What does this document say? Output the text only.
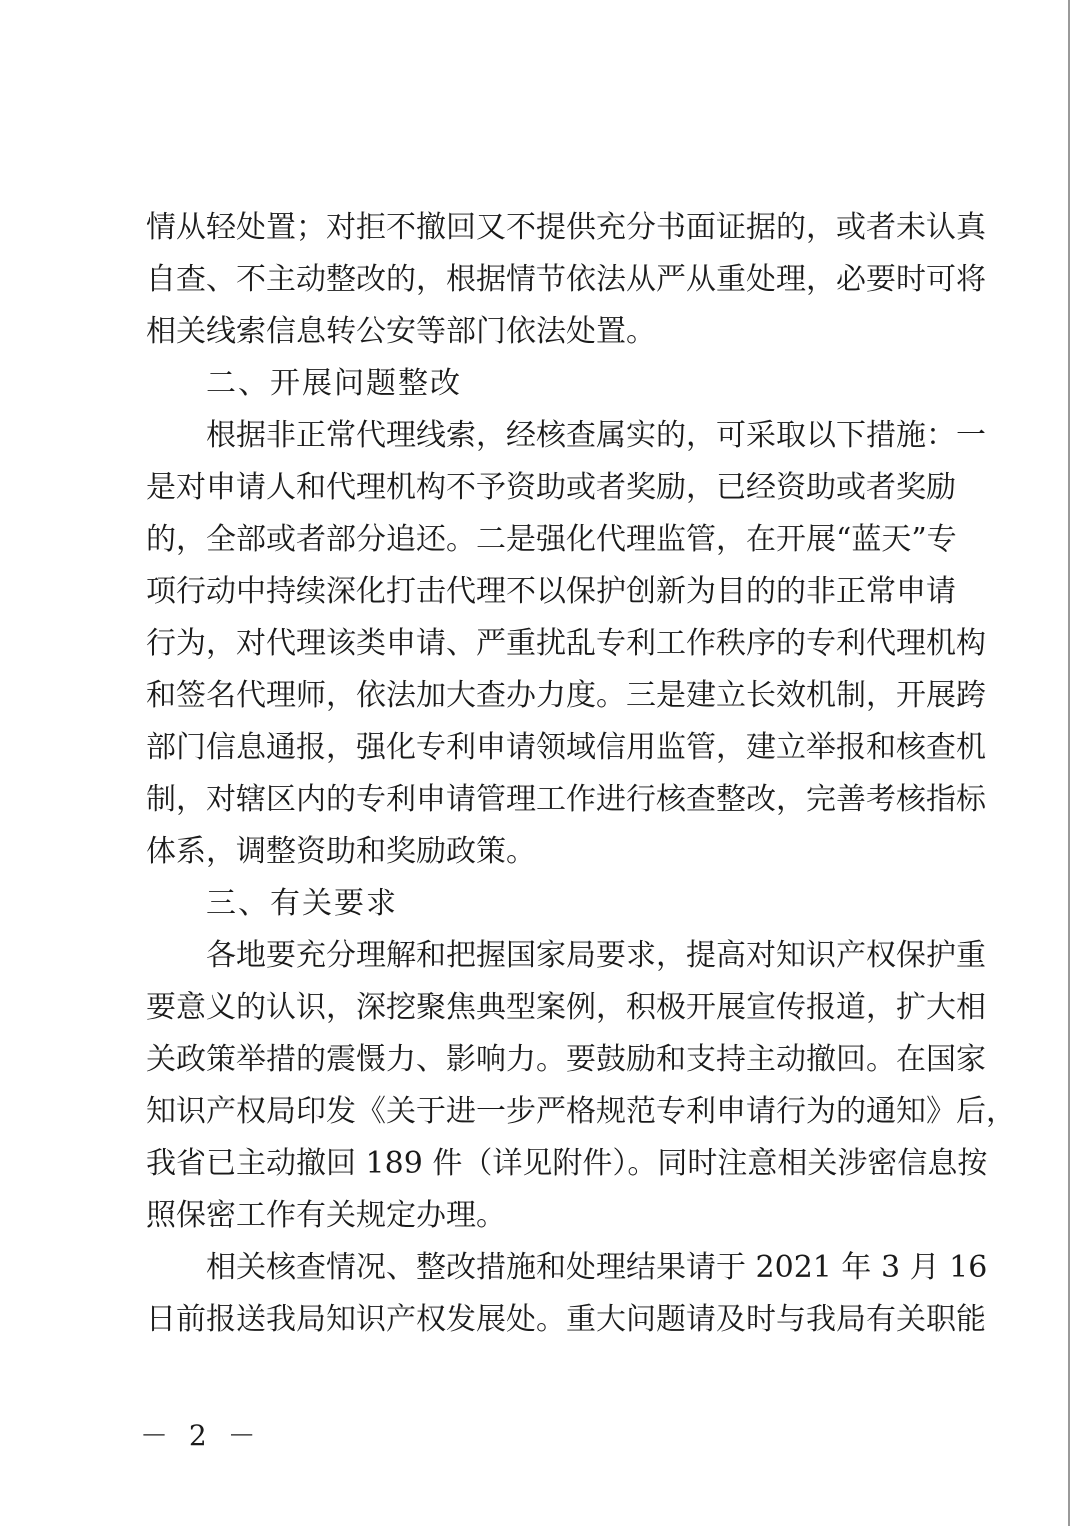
情从轻处置；对拒不撤回又不提供充分书面证据的，或者未认真
自查、不主动整改的，根据情节依法从严从重处理，必要时可将
相关线索信息转公安等部门依法处置。
二、开展问题整改
根据非正常代理线索，经核查属实的，可采取以下措施：一
是对申请人和代理机构不予资助或者奖励，已经资助或者奖励
的，全部或者部分追还。二是强化代理监管，在开展“蓝天”专
项行动中持续深化打击代理不以保护创新为目的的非正常申请
行为，对代理该类申请、严重扰乱专利工作秩序的专利代理机构
和签名代理师，依法加大查办力度。三是建立长效机制，开展跨
部门信息通报，强化专利申请领域信用监管，建立举报和核查机
制，对辖区内的专利申请管理工作进行核查整改，完善考核指标
体系，调整资助和奖励政策。
三、有关要求
各地要充分理解和把握国家局要求，提高对知识产权保护重
要意义的认识，深挖聚焦典型案例，积极开展宣传报道，扩大相
关政策举措的震慑力、影响力。要鼓励和支持主动撤回。在国家
知识产权局印发《关于进一步严格规范专利申请行为的通知》后，
我省已主动撤回 189 件（详见附件）。同时注意相关涉密信息按
照保密工作有关规定办理。
相关核查情况、整改措施和处理结果请于 2021 年 3 月 16
日前报送我局知识产权发展处。重大问题请及时与我局有关职能
－ 2 －
